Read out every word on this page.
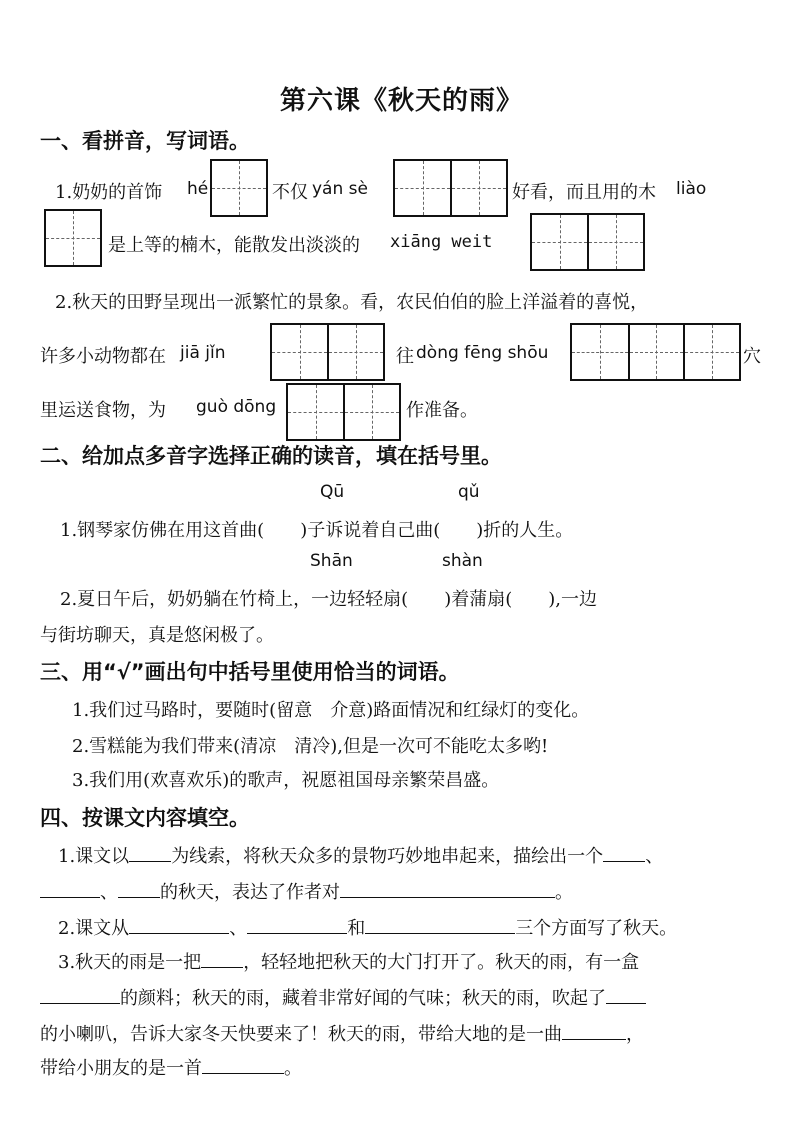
第六课《秋天的雨》
一、看拼音，写词语。
1.奶奶的首饰 hé	不仅 yán sè	好看，而且用的木 liào
是上等的楠木，能散发出淡淡的 xiāng weit
2.秋天的田野呈现出一派繁忙的景象。看，农民伯伯的脸上洋溢着的喜悦，
许多小动物都在 jiā jǐn	往 dòng fēng shōu	穴
里运送食物，为 guò dōng	作准备。
二、给加点多音字选择正确的读音，填在括号里。
Qū	qǔ
1.钢琴家仿佛在用这首曲(　　)子诉说着自己曲(　　)折的人生。
Shān	shàn
2.夏日午后，奶奶躺在竹椅上，一边轻轻扇(　　)着蒲扇(　　),一边
与街坊聊天，真是悠闲极了。
三、用“√”画出句中括号里使用恰当的词语。
1.我们过马路时，要随时(留意　介意)路面情况和红绿灯的变化。
2.雪糕能为我们带来(清凉　清冷),但是一次可不能吃太多哟!
3.我们用(欢喜欢乐)的歌声，祝愿祖国母亲繁荣昌盛。
四、按课文内容填空。
1.课文以 为线索，将秋天众多的景物巧妙地串起来，描绘出一个 、
、 的秋天，表达了作者对	。
2.课文从	、	和	三个方面写了秋天。
3.秋天的雨是一把 ，轻轻地把秋天的大门打开了。秋天的雨，有一盒
的颜料；秋天的雨，藏着非常好闻的气味；秋天的雨，吹起了
的小喇叭，告诉大家冬天快要来了！秋天的雨，带给大地的是一曲	，
带给小朋友的是一首	。
